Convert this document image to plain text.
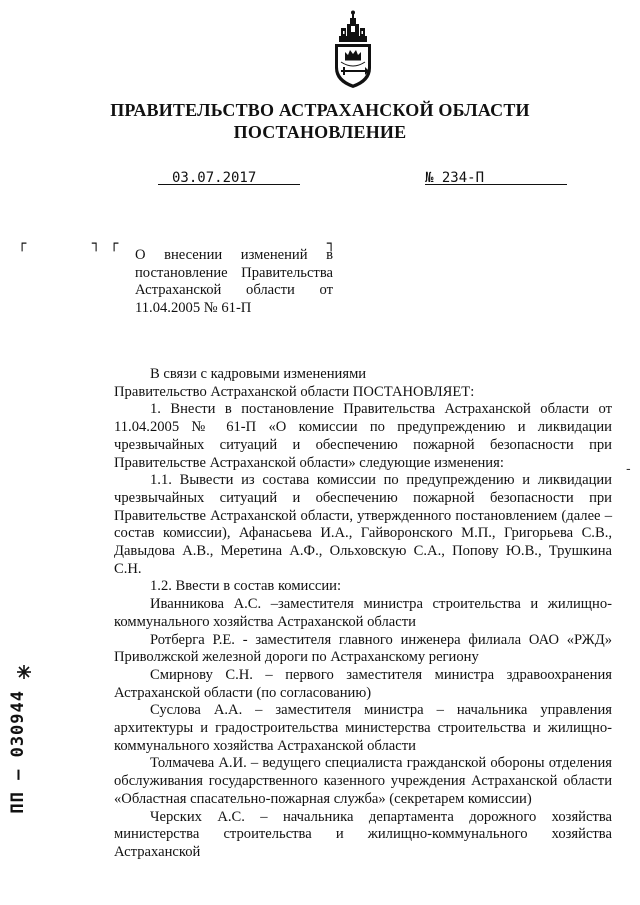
ПРАВИТЕЛЬСТВО АСТРАХАНСКОЙ ОБЛАСТИ
ПОСТАНОВЛЕНИЕ
03.07.2017	№ 234-П
┌	┐ ┌	┐
О внесении изменений в постановление Правительства Астраханской области от 11.04.2005 № 61-П

В связи с кадровыми изменениями

Правительство Астраханской области ПОСТАНОВЛЯЕТ:

1. Внести в постановление Правительства Астраханской области от 11.04.2005 № 61-П «О комиссии по предупреждению и ликвидации чрезвычайных ситуаций и обеспечению пожарной безопасности при Правительстве Астраханской области» следующие изменения:

1.1. Вывести из состава комиссии по предупреждению и ликвидации чрезвычайных ситуаций и обеспечению пожарной безопасности при Правительстве Астраханской области, утвержденного постановлением (далее – состав комиссии), Афанасьева И.А., Гайворонского М.П., Григорьева С.В., Давыдова А.В., Меретина А.Ф., Ольховскую С.А., Попову Ю.В., Трушкина С.Н.

1.2. Ввести в состав комиссии:

Иванникова А.С. –заместителя министра строительства и жилищно-коммунального хозяйства Астраханской области

Ротберга Р.Е. - заместителя главного инженера филиала ОАО «РЖД» Приволжской железной дороги по Астраханскому региону

Смирнову С.Н. – первого заместителя министра здравоохранения Астраханской области (по согласованию)

Суслова А.А. – заместителя министра – начальника управления архитектуры и градостроительства министерства строительства и жилищно-коммунального хозяйства Астраханской области

Толмачева А.И. – ведущего специалиста гражданской обороны отделения обслуживания государственного казенного учреждения Астраханской области «Областная спасательно-пожарная служба» (секретарем комиссии)

Черских А.С. – начальника департамента дорожного хозяйства министерства строительства и жилищно-коммунального хозяйства Астраханской

-
ПП – 030944
